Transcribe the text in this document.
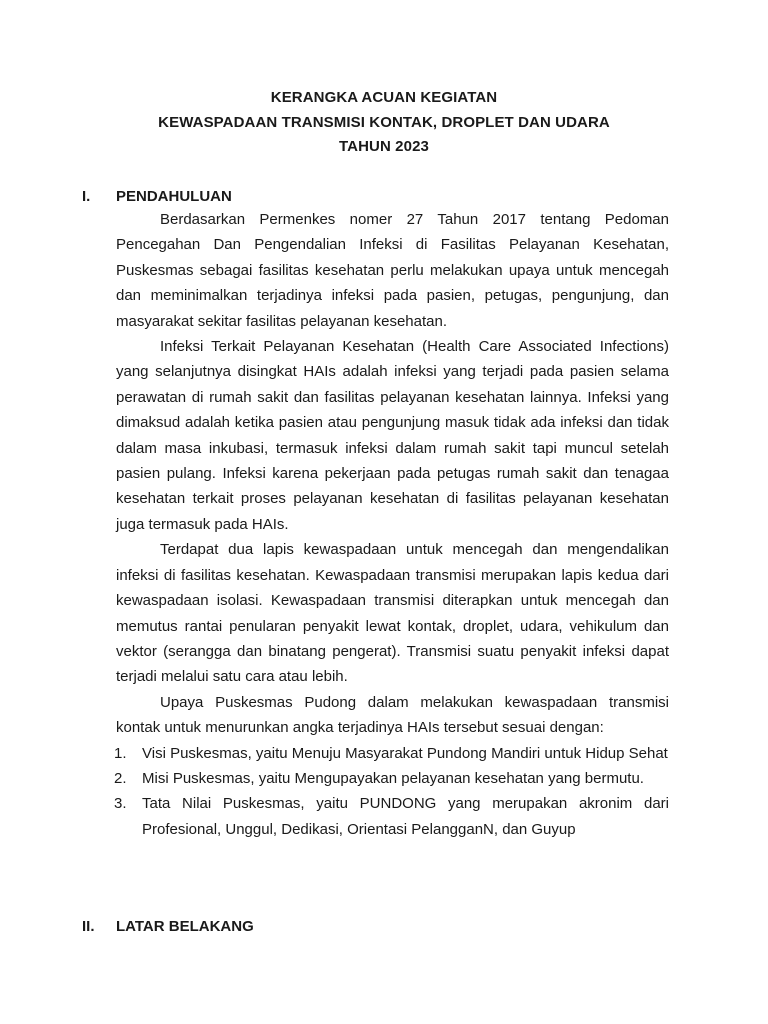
KERANGKA ACUAN KEGIATAN

KEWASPADAAN TRANSMISI KONTAK, DROPLET DAN UDARA

TAHUN 2023

I.	PENDAHULUAN

Berdasarkan Permenkes nomer 27 Tahun 2017 tentang Pedoman Pencegahan Dan Pengendalian Infeksi di Fasilitas Pelayanan Kesehatan, Puskesmas sebagai fasilitas kesehatan perlu melakukan upaya untuk mencegah dan meminimalkan terjadinya infeksi pada pasien, petugas, pengunjung, dan masyarakat sekitar fasilitas pelayanan kesehatan.

Infeksi Terkait Pelayanan Kesehatan (Health Care Associated Infections) yang selanjutnya disingkat HAIs adalah infeksi yang terjadi pada pasien selama perawatan di rumah sakit dan fasilitas pelayanan kesehatan lainnya. Infeksi yang dimaksud adalah ketika pasien atau pengunjung masuk tidak ada infeksi dan tidak dalam masa inkubasi, termasuk infeksi dalam rumah sakit tapi muncul setelah pasien pulang. Infeksi karena pekerjaan pada petugas rumah sakit dan tenagaa kesehatan terkait proses pelayanan kesehatan di fasilitas pelayanan kesehatan juga termasuk pada HAIs.

Terdapat dua lapis kewaspadaan untuk mencegah dan mengendalikan infeksi di fasilitas kesehatan. Kewaspadaan transmisi merupakan lapis kedua dari kewaspadaan isolasi. Kewaspadaan transmisi diterapkan untuk mencegah dan memutus rantai penularan penyakit lewat kontak, droplet, udara, vehikulum dan vektor (serangga dan binatang pengerat). Transmisi suatu penyakit infeksi dapat terjadi melalui satu cara atau lebih.

Upaya Puskesmas Pudong dalam melakukan kewaspadaan transmisi kontak untuk menurunkan angka terjadinya HAIs tersebut sesuai dengan:

1.	Visi Puskesmas, yaitu Menuju Masyarakat Pundong Mandiri untuk Hidup Sehat
2.	Misi Puskesmas, yaitu Mengupayakan pelayanan kesehatan yang bermutu.
3.	Tata Nilai Puskesmas, yaitu PUNDONG yang merupakan akronim dari Profesional, Unggul, Dedikasi, Orientasi PelangganN, dan Guyup
II.	LATAR BELAKANG
